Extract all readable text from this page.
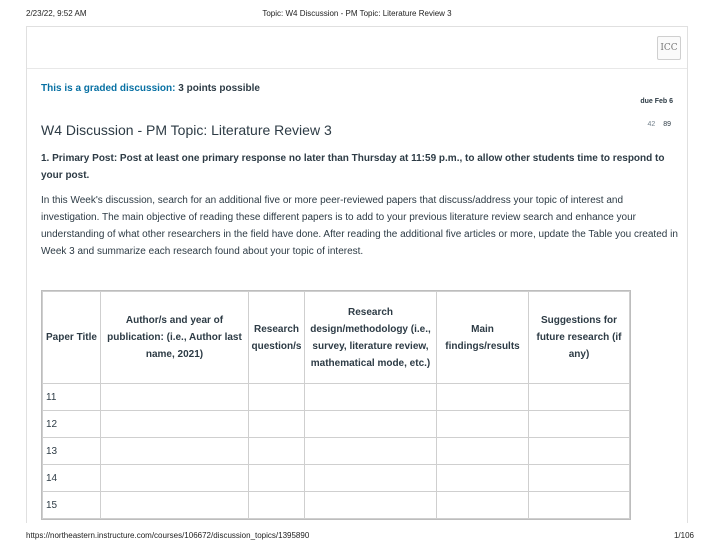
2/23/22, 9:52 AM	Topic: W4 Discussion - PM Topic: Literature Review 3
ICC
This is a graded discussion: 3 points possible
due Feb 6
42 89
W4 Discussion - PM Topic: Literature Review 3
1. Primary Post: Post at least one primary response no later than Thursday at 11:59 p.m., to allow other students time to respond to your post.
In this Week's discussion, search for an additional five or more peer-reviewed papers that discuss/address your topic of interest and investigation. The main objective of reading these different papers is to add to your previous literature review search and enhance your understanding of what other researchers in the field have done. After reading the additional five articles or more, update the Table you created in Week 3 and summarize each research found about your topic of interest.
Paper Title	Author/s and year of publication: (i.e., Author last name, 2021)	Research question/s	Research design/methodology (i.e., survey, literature review, mathematical mode, etc.)	Main findings/results	Suggestions for future research (if any)
11					
12					
13					
14					
15					
https://northeastern.instructure.com/courses/106672/discussion_topics/1395890	1/106
